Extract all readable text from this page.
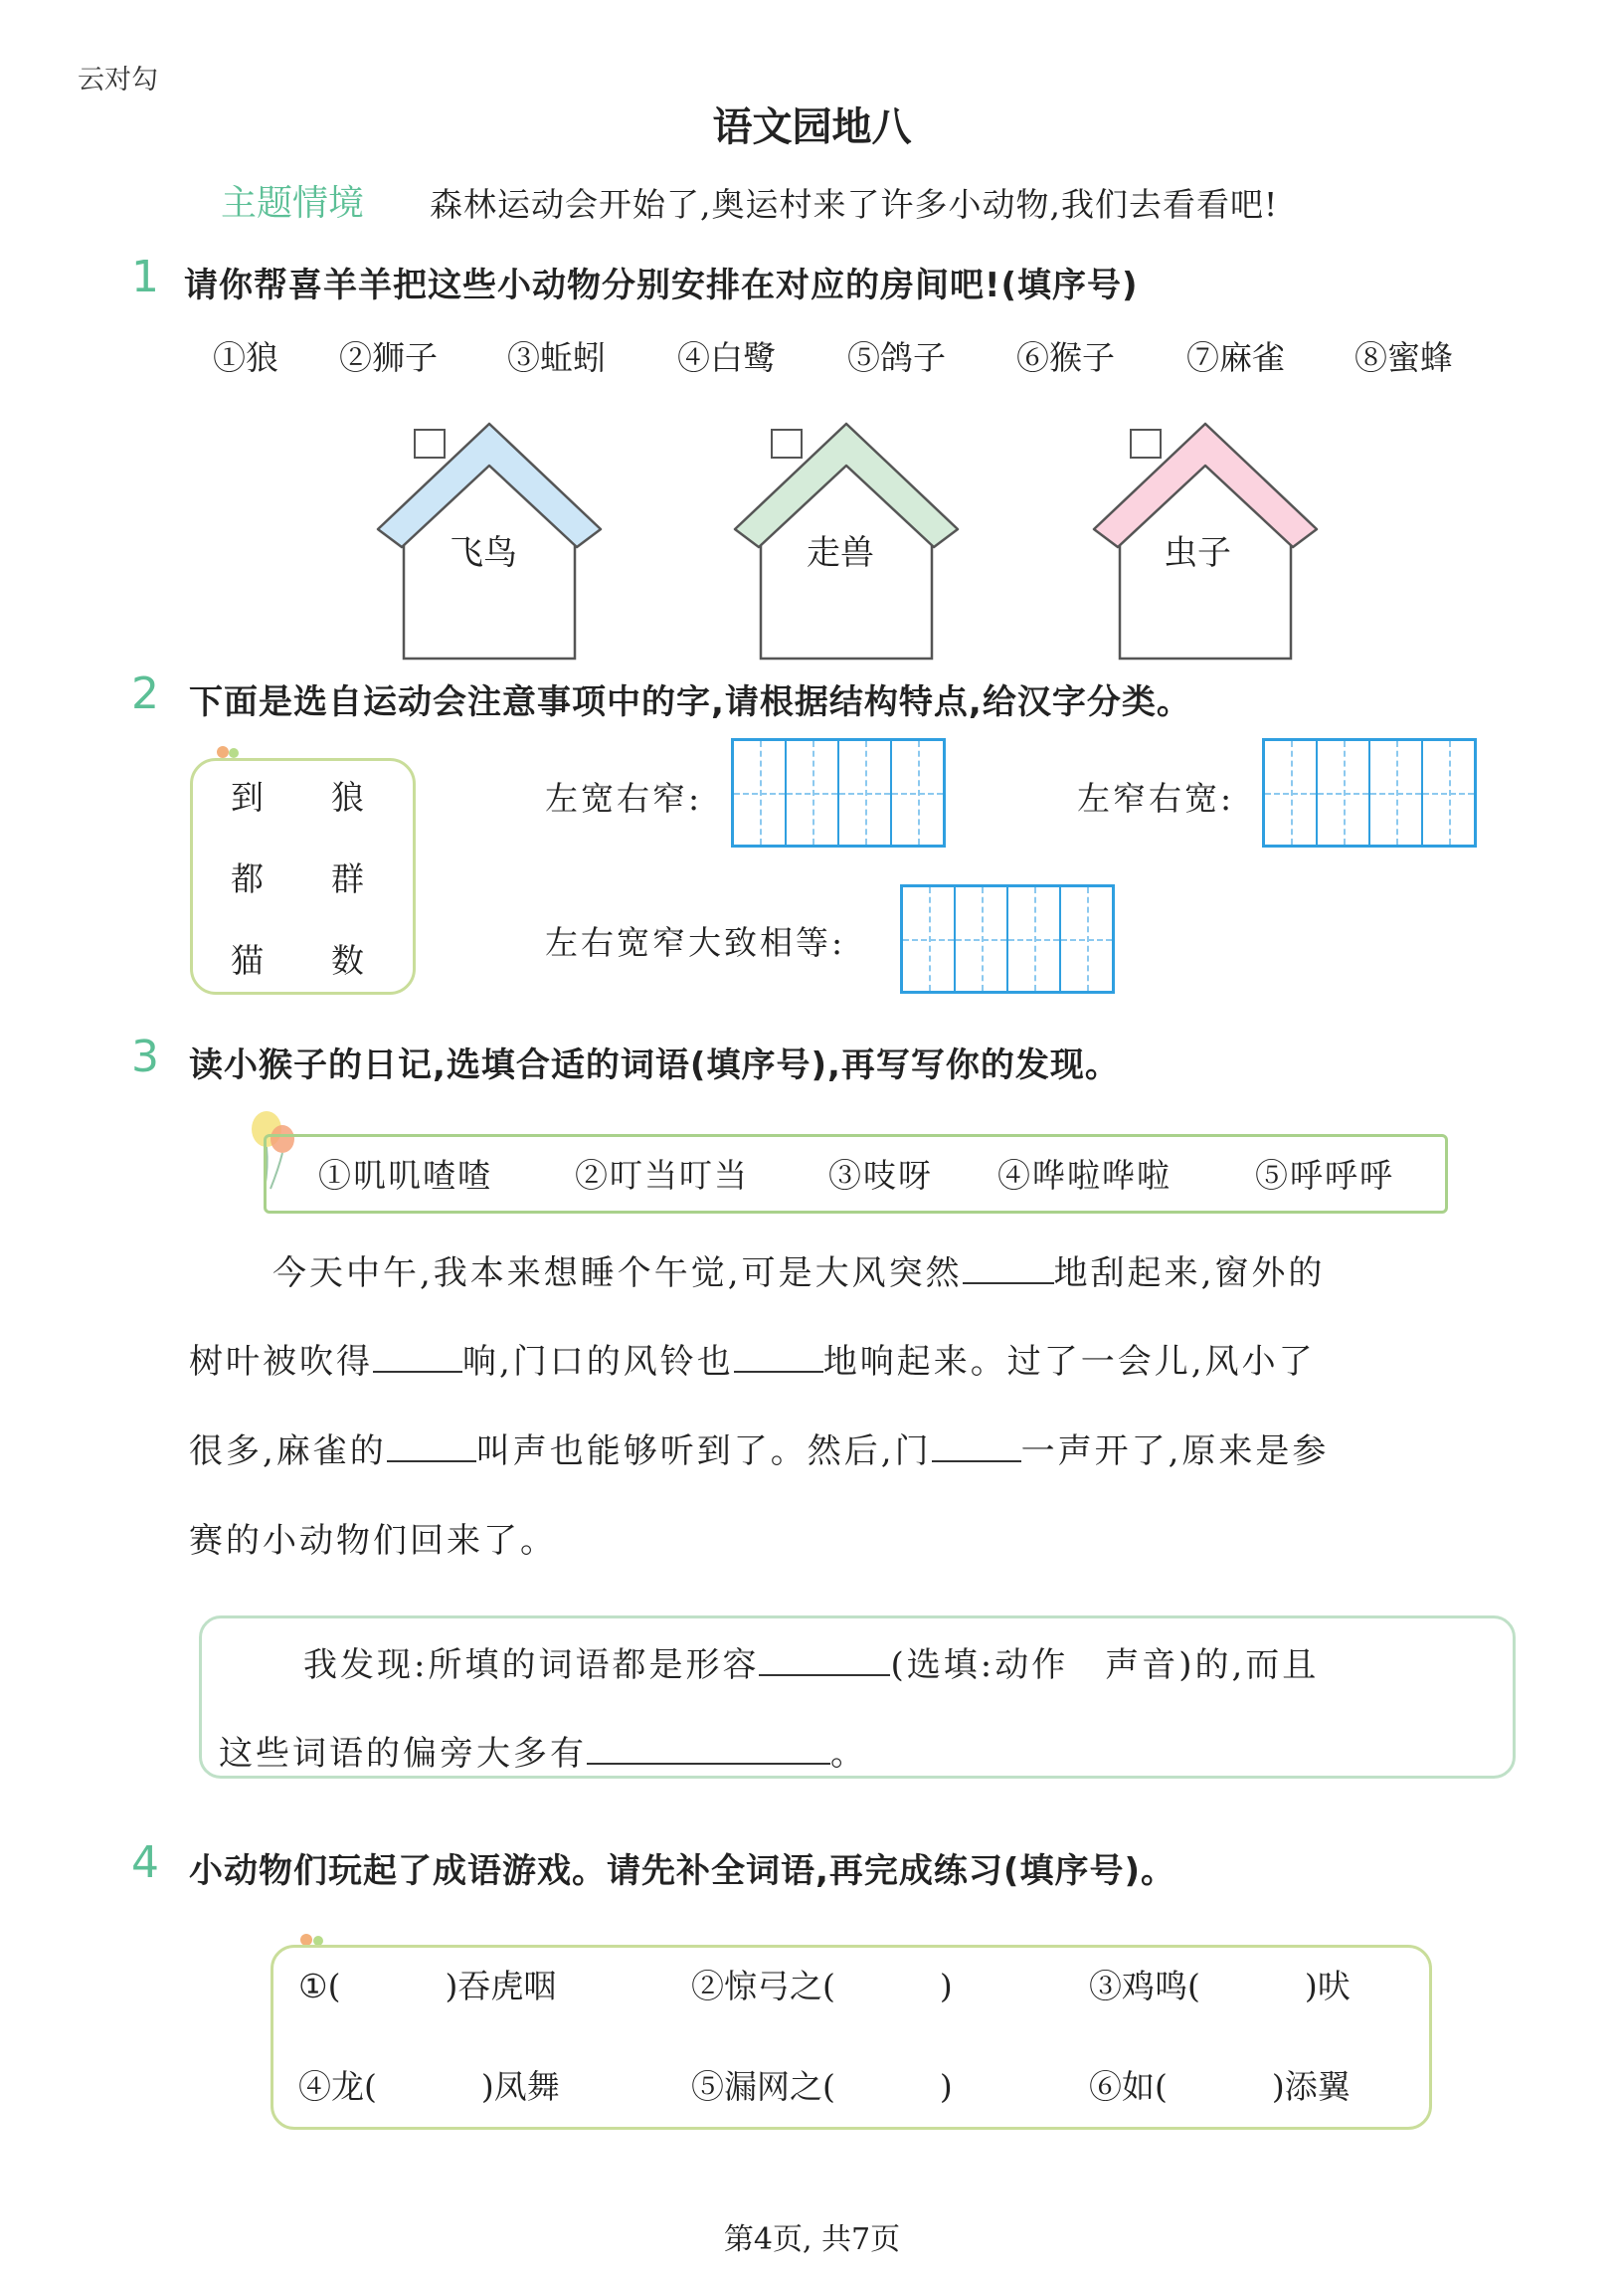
云对勾
语文园地八
主题情境 森林运动会开始了,奥运村来了许多小动物,我们去看看吧!
1 请你帮喜羊羊把这些小动物分别安排在对应的房间吧!(填序号)
①狼 ②狮子 ③蚯蚓 ④白鹭 ⑤鸽子 ⑥猴子 ⑦麻雀 ⑧蜜蜂
飞鸟	走兽	虫子
2 下面是选自运动会注意事项中的字,请根据结构特点,给汉字分类。
到 狼
都 群
猫 数
左宽右窄:	左窄右宽:
左右宽窄大致相等:
3 读小猴子的日记,选填合适的词语(填序号),再写写你的发现。
①叽叽喳喳	②叮当叮当 ③吱呀 ④哗啦哗啦	⑤呼呼呼
今天中午,我本来想睡个午觉,可是大风突然	地刮起来,窗外的
树叶被吹得	响,门口的风铃也	地响起来。过了一会儿,风小了
很多,麻雀的	叫声也能够听到了。然后,门	一声开了,原来是参
赛的小动物们回来了。
我发现:所填的词语都是形容	(选填:动作　声音)的,而且
这些词语的偏旁大多有	。
4 小动物们玩起了成语游戏。请先补全词语,再完成练习(填序号)。
①(	)吞虎咽	②惊弓之(	)	③鸡鸣(	)吠
④龙(	)凤舞	⑤漏网之(	)	⑥如(	)添翼
第4页, 共7页
